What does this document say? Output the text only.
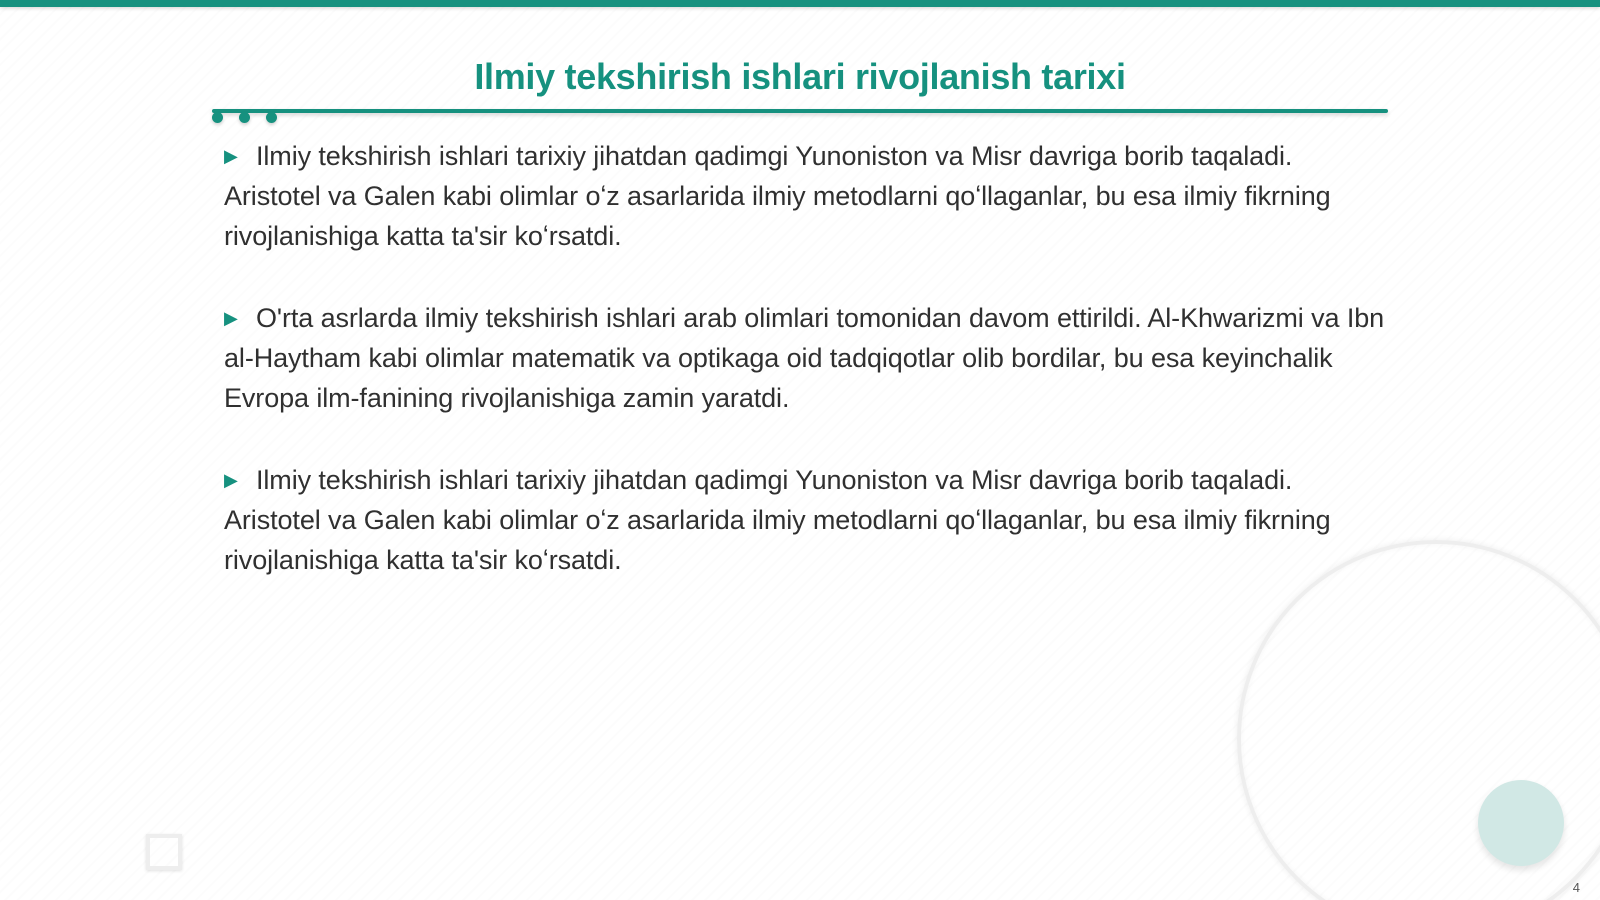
Ilmiy tekshirish ishlari rivojlanish tarixi
▶ Ilmiy tekshirish ishlari tarixiy jihatdan qadimgi Yunoniston va Misr davriga borib taqaladi. Aristotel va Galen kabi olimlar oʻz asarlarida ilmiy metodlarni qoʻllaganlar, bu esa ilmiy fikrning rivojlanishiga katta ta'sir koʻrsatdi.
▶ O'rta asrlarda ilmiy tekshirish ishlari arab olimlari tomonidan davom ettirildi. Al-Khwarizmi va Ibn al-Haytham kabi olimlar matematik va optikaga oid tadqiqotlar olib bordilar, bu esa keyinchalik Evropa ilm-fanining rivojlanishiga zamin yaratdi.
▶ Ilmiy tekshirish ishlari tarixiy jihatdan qadimgi Yunoniston va Misr davriga borib taqaladi. Aristotel va Galen kabi olimlar oʻz asarlarida ilmiy metodlarni qoʻllaganlar, bu esa ilmiy fikrning rivojlanishiga katta ta'sir koʻrsatdi.
4
